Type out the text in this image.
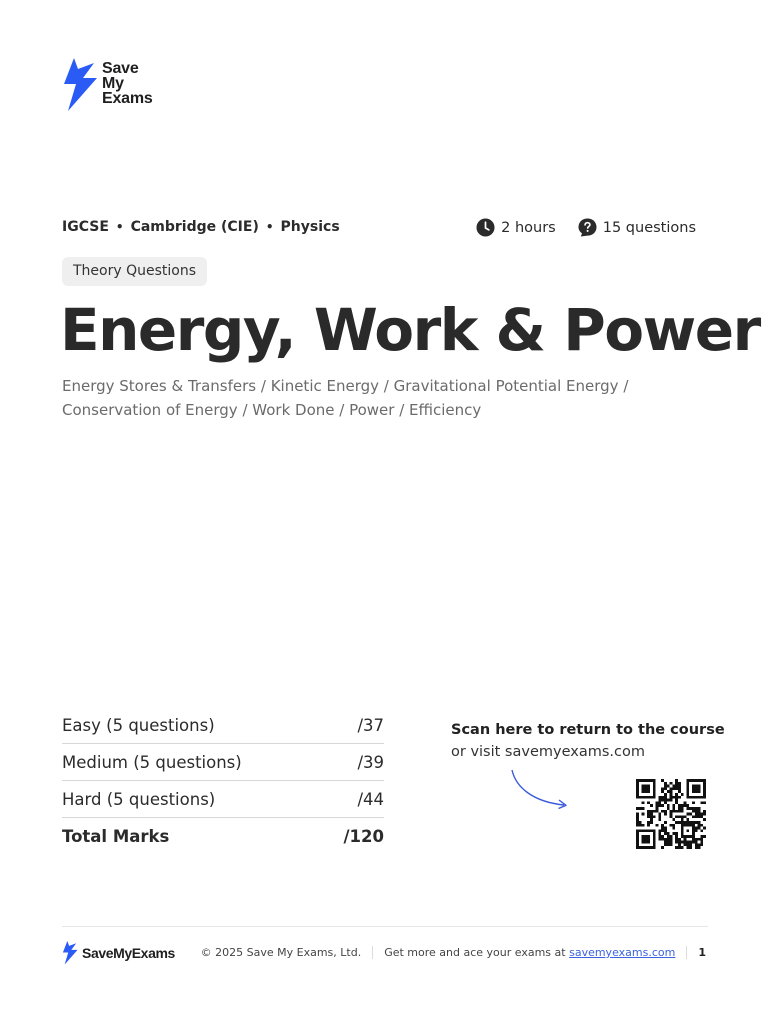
Save
My
Exams
IGCSE • Cambridge (CIE) • Physics	2 hours	15 questions
Theory Questions
Energy, Work & Power
Energy Stores & Transfers / Kinetic Energy / Gravitational Potential Energy / Conservation of Energy / Work Done / Power / Efficiency
Easy (5 questions)	/37
Medium (5 questions)	/39
Hard (5 questions)	/44
Total Marks	/120
Scan here to return to the course
or visit savemyexams.com
SaveMyExams © 2025 Save My Exams, Ltd. Get more and ace your exams at savemyexams.com 1
